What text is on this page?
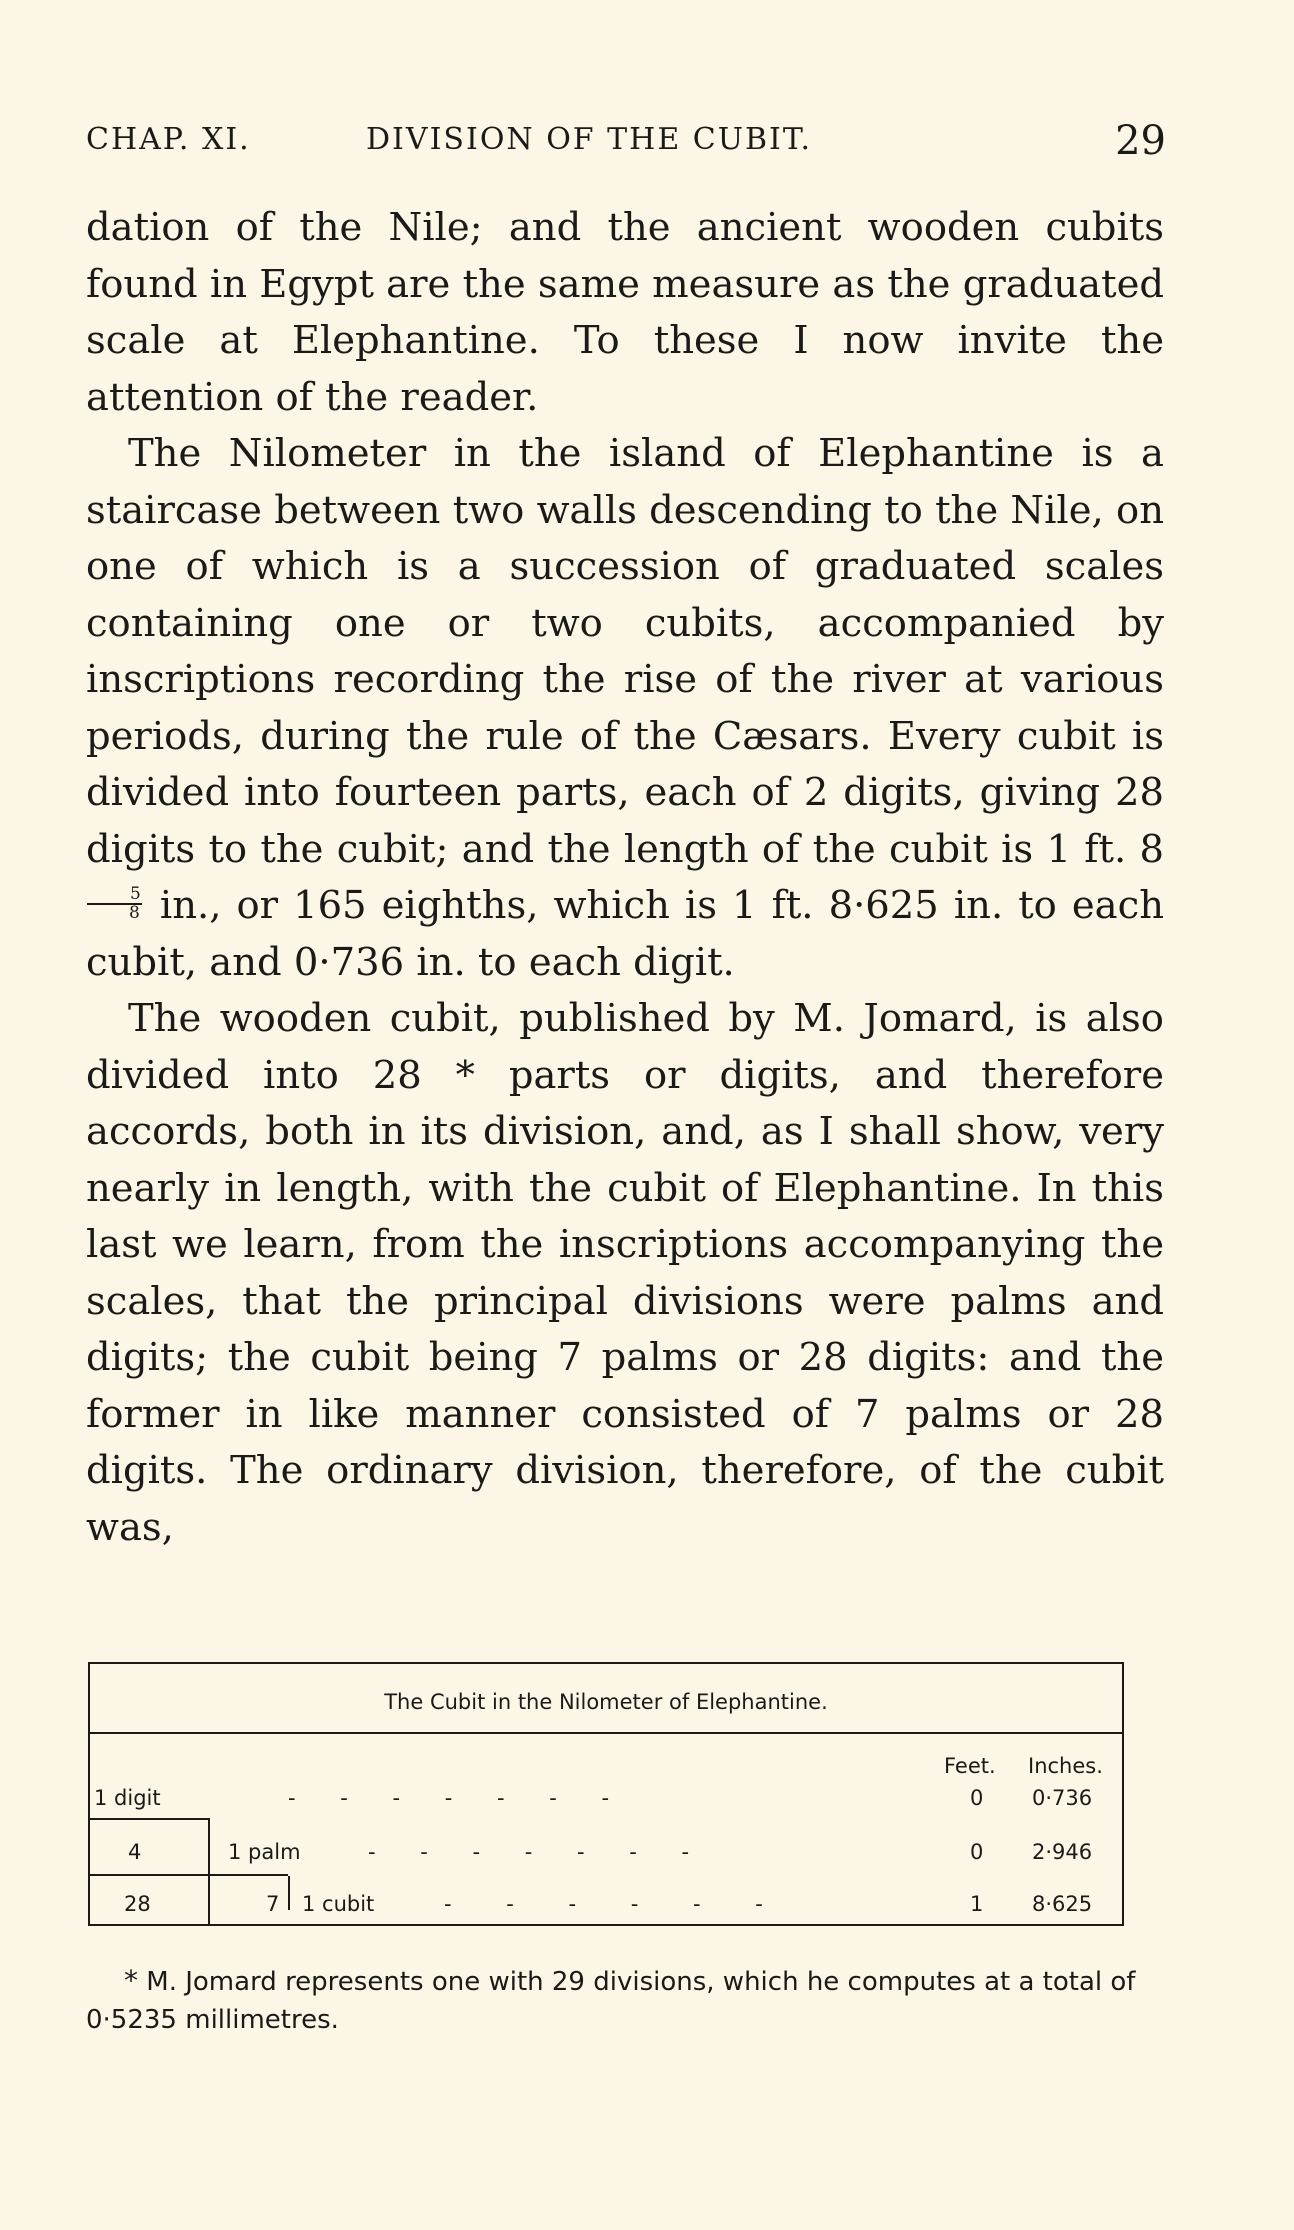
CHAP. XI.	DIVISION OF THE CUBIT.	29

dation of the Nile; and the ancient wooden cubits found in Egypt are the same measure as the graduated scale at Elephantine. To these I now invite the attention of the reader.

The Nilometer in the island of Elephantine is a staircase between two walls descending to the Nile, on one of which is a succession of graduated scales containing one or two cubits, accompanied by inscriptions recording the rise of the river at various periods, during the rule of the Cæsars. Every cubit is divided into fourteen parts, each of 2 digits, giving 28 digits to the cubit; and the length of the cubit is 1 ft. 8
$\frac{5}{8}$ in., or 165 eighths, which is 1 ft. 8·625 in. to each cubit, and 0·736 in. to each digit.

The wooden cubit, published by M. Jomard, is also divided into 28 * parts or digits, and therefore accords, both in its division, and, as I shall show, very nearly in length, with the cubit of Elephantine. In this last we learn, from the inscriptions accompanying the scales, that the principal divisions were palms and digits; the cubit being 7 palms or 28 digits: and the former in like manner consisted of 7 palms or 28 digits. The ordinary division, therefore, of the cubit was,

The Cubit in the Nilometer of Elephantine.
Feet. Inches.
1 digit	- - - - - - -	0 0·736
4	1 palm	- - - - - - -	0 2·946
28	7 1 cubit	- - - - - -	1 8·625

* M. Jomard represents one with 29 divisions, which he computes at a total of 0·5235 millimetres.
